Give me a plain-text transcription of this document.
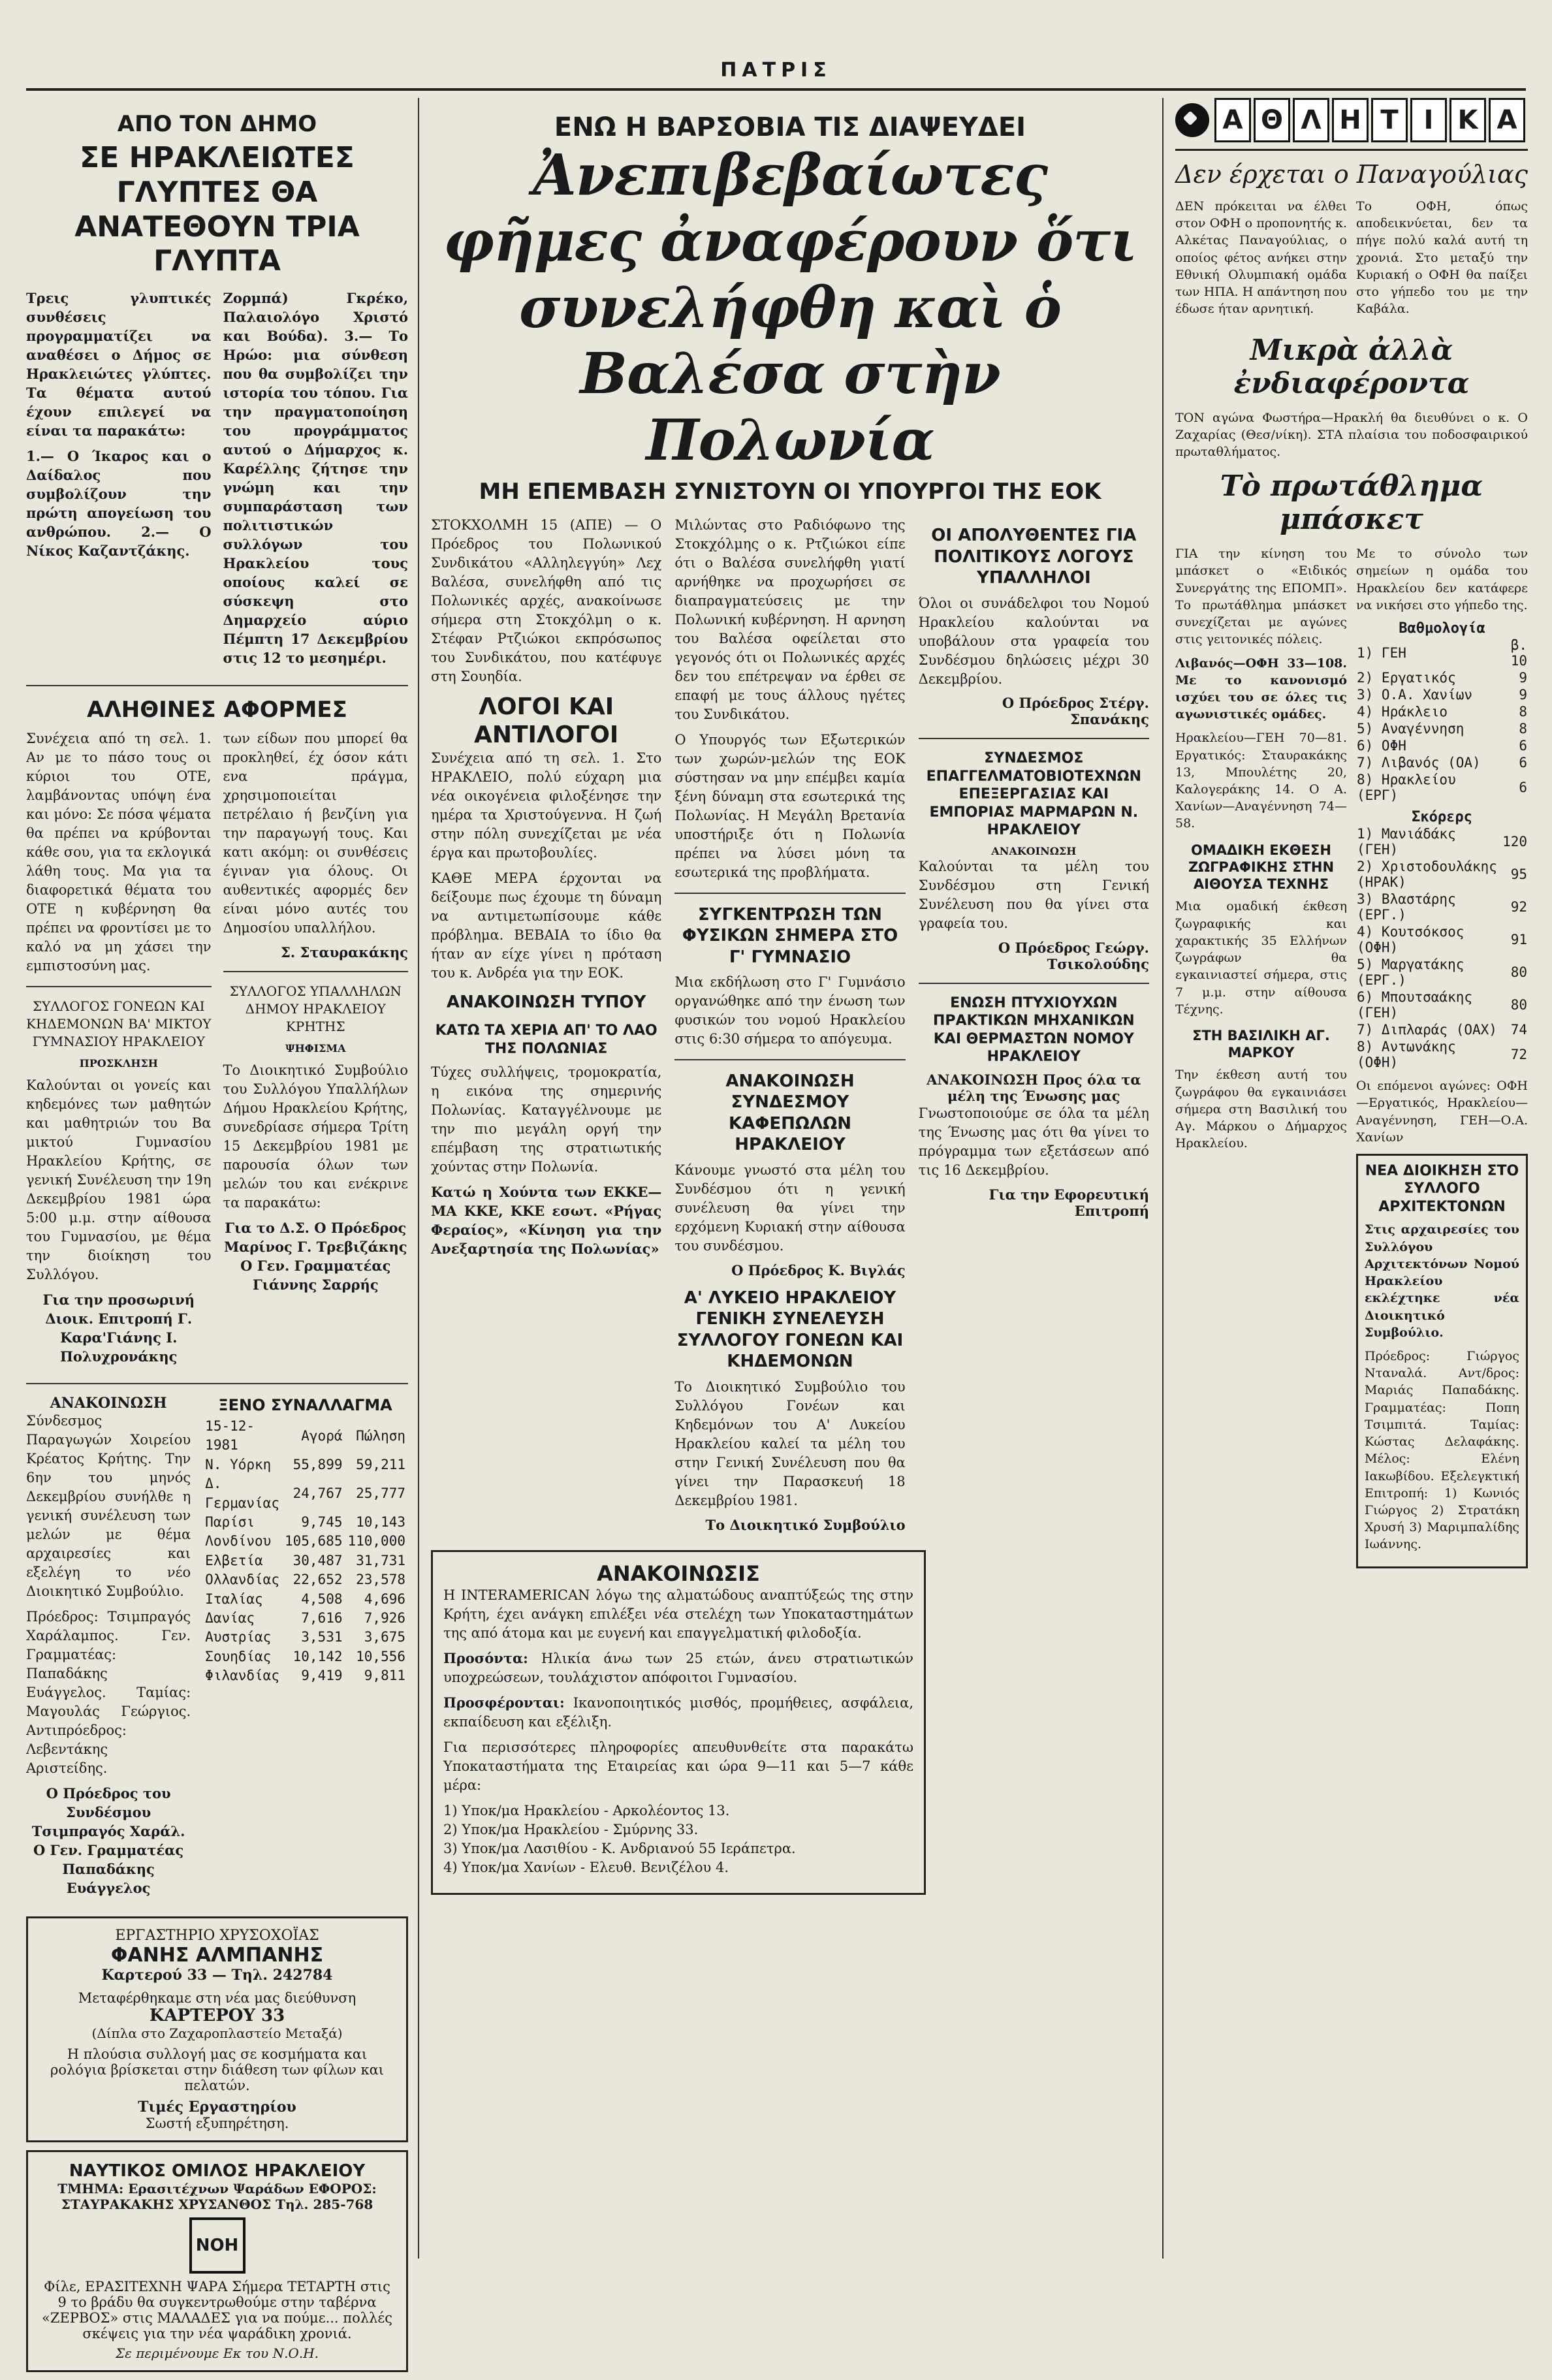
ΠΑΤΡΙΣ
ΑΠΟ ΤΟΝ ΔΗΜΟ
ΣΕ ΗΡΑΚΛΕΙΩΤΕΣ ΓΛΥΠΤΕΣ ΘΑ ΑΝΑΤΕΘΟΥΝ ΤΡΙΑ ΓΛΥΠΤΑ

Τρεις γλυπτικές συνθέσεις προγραμματίζει να αναθέσει ο Δήμος σε Ηρακλειώτες γλύπτες. Τα θέματα αυτού έχουν επιλεγεί να είναι τα παρακάτω:

1.— Ο Ίκαρος και ο Δαίδαλος που συμβολίζουν την πρώτη απογείωση του ανθρώπου. 2.— Ο Νίκος Καζαντζάκης.

Ζορμπά) Γκρέκο, Παλαιολόγο Χριστό και Βούδα). 3.— Το Ηρώο: μια σύνθεση που θα συμβολίζει την ιστορία του τόπου. Για την πραγματοποίηση του προγράμματος αυτού ο Δήμαρχος κ. Καρέλλης ζήτησε την γνώμη και την συμπαράσταση των πολιτιστικών συλλόγων του Ηρακλείου τους οποίους καλεί σε σύσκεψη στο Δημαρχείο αύριο Πέμπτη 17 Δεκεμβρίου στις 12 το μεσημέρι.

ΑΛΗΘΙΝΕΣ ΑΦΟΡΜΕΣ

Συνέχεια από τη σελ. 1. Αν με το πάσο τους οι κύριοι του ΟΤΕ, λαμβάνοντας υπόψη ένα και μόνο: Σε πόσα ψέματα θα πρέπει να κρύβονται κάθε σου, για τα εκλογικά λάθη τους. Μα για τα διαφορετικά θέματα του ΟΤΕ η κυβέρνηση θα πρέπει να φροντίσει με το καλό να μη χάσει την εμπιστοσύνη μας.

ΣΥΛΛΟΓΟΣ ΓΟΝΕΩΝ ΚΑΙ ΚΗΔΕΜΟΝΩΝ ΒΑ' ΜΙΚΤΟΥ ΓΥΜΝΑΣΙΟΥ ΗΡΑΚΛΕΙΟΥ
ΠΡΟΣΚΛΗΣΗ

Καλούνται οι γονείς και κηδεμόνες των μαθητών και μαθητριών του Βα μικτού Γυμνασίου Ηρακλείου Κρήτης, σε γενική Συνέλευση την 19η Δεκεμβρίου 1981 ώρα 5:00 μ.μ. στην αίθουσα του Γυμνασίου, με θέμα την διοίκηση του Συλλόγου.

Για την προσωρινή Διοικ. Επιτροπή Γ. Καρα'Γιάνης Ι. Πολυχρονάκης

των είδων που μπορεί θα προκληθεί, έχ όσον κάτι ενα πράγμα, χρησιμοποιείται πετρέλαιο ή βενζίνη για την παραγωγή τους. Και κατι ακόμη: οι συνθέσεις έγιναν για όλους. Οι αυθεντικές αφορμές δεν είναι μόνο αυτές του Δημοσίου υπαλλήλου.

Σ. Σταυρακάκης
ΣΥΛΛΟΓΟΣ ΥΠΑΛΛΗΛΩΝ ΔΗΜΟΥ ΗΡΑΚΛΕΙΟΥ ΚΡΗΤΗΣ
ΨΗΦΙΣΜΑ

Το Διοικητικό Συμβούλιο του Συλλόγου Υπαλλήλων Δήμου Ηρακλείου Κρήτης, συνεδρίασε σήμερα Τρίτη 15 Δεκεμβρίου 1981 με παρουσία όλων των μελών του και ενέκρινε τα παρακάτω:

Για το Δ.Σ. Ο Πρόεδρος Μαρίνος Γ. Τρεβιζάκης Ο Γεν. Γραμματέας Γιάννης Σαρρής

ΑΝΑΚΟΙΝΩΣΗ

Σύνδεσμος Παραγωγών Χοιρείου Κρέατος Κρήτης. Την 6ην του μηνός Δεκεμβρίου συνήλθε η γενική συνέλευση των μελών με θέμα αρχαιρεσίες και εξελέγη το νέο Διοικητικό Συμβούλιο.

Πρόεδρος: Τσιμπραγός Χαράλαμπος. Γεν. Γραμματέας: Παπαδάκης Ευάγγελος. Ταμίας: Μαγουλάς Γεώργιος. Αντιπρόεδρος: Λεβεντάκης Αριστείδης.

Ο Πρόεδρος του Συνδέσμου Τσιμπραγός Χαράλ. Ο Γεν. Γραμματέας Παπαδάκης Ευάγγελος

ΞΕΝΟ ΣΥΝΑΛΛΑΓΜΑ
15-12-1981	Αγορά	Πώληση
Ν. Υόρκη	55,899	59,211
Δ. Γερμανίας	24,767	25,777
Παρίσι	9,745	10,143
Λονδίνου	105,685	110,000
Ελβετία	30,487	31,731
Ολλανδίας	22,652	23,578
Ιταλίας	4,508	4,696
Δανίας	7,616	7,926
Αυστρίας	3,531	3,675
Σουηδίας	10,142	10,556
Φιλανδίας	9,419	9,811
ΕΡΓΑΣΤΗΡΙΟ ΧΡΥΣΟΧΟΪΑΣ
ΦΑΝΗΣ ΑΛΜΠΑΝΗΣ
Καρτερού 33 — Τηλ. 242784
Μεταφέρθηκαμε στη νέα μας διεύθυνση
ΚΑΡΤΕΡΟΥ 33
(Δίπλα στο Ζαχαροπλαστείο Μεταξά)
Η πλούσια συλλογή μας σε κοσμήματα και ρολόγια βρίσκεται στην διάθεση των φίλων και πελατών.
Τιμές Εργαστηρίου
Σωστή εξυπηρέτηση.
ΝΑΥΤΙΚΟΣ ΟΜΙΛΟΣ ΗΡΑΚΛΕΙΟΥ
ΤΜΗΜΑ: Ερασιτέχνων Ψαράδων ΕΦΟΡΟΣ: ΣΤΑΥΡΑΚΑΚΗΣ ΧΡΥΣΑΝΘΟΣ Τηλ. 285-768
ΝΟΗ
Φίλε, ΕΡΑΣΙΤΕΧΝΗ ΨΑΡΑ Σήμερα ΤΕΤΑΡΤΗ στις 9 το βράδυ θα συγκεντρωθούμε στην ταβέρνα «ΖΕΡΒΟΣ» στις ΜΑΛΑΔΕΣ για να πούμε... πολλές σκέψεις για την νέα ψαράδικη χρονιά.
Σε περιμένουμε Εκ του Ν.Ο.Η.
ΕΝΩ Η ΒΑΡΣΟΒΙΑ ΤΙΣ ΔΙΑΨΕΥΔΕΙ
Ἀνεπιβεβαίωτες φῆμες ἀναφέρουν ὅτι συνελήφθη καὶ ὁ Βαλέσα στὴν Πολωνία
ΜΗ ΕΠΕΜΒΑΣΗ ΣΥΝΙΣΤΟΥΝ ΟΙ ΥΠΟΥΡΓΟΙ ΤΗΣ ΕΟΚ

ΣΤΟΚΧΟΛΜΗ 15 (ΑΠΕ) — Ο Πρόεδρος του Πολωνικού Συνδικάτου «Αλληλεγγύη» Λεχ Βαλέσα, συνελήφθη από τις Πολωνικές αρχές, ανακοίνωσε σήμερα στη Στοκχόλμη ο κ. Στέφαν Ρτζιώκοι εκπρόσωπος του Συνδικάτου, που κατέφυγε στη Σουηδία.

ΛΟΓΟΙ ΚΑΙ ΑΝΤΙΛΟΓΟΙ

Συνέχεια από τη σελ. 1. Στο ΗΡΑΚΛΕΙΟ, πολύ εύχαρη μια νέα οικογένεια φιλοξένησε την ημέρα τα Χριστούγεννα. Η ζωή στην πόλη συνεχίζεται με νέα έργα και πρωτοβουλίες.

ΚΑΘΕ ΜΕΡΑ έρχονται να δείξουμε πως έχουμε τη δύναμη να αντιμετωπίσουμε κάθε πρόβλημα. ΒΕΒΑΙΑ το ίδιο θα ήταν αν είχε γίνει η πρόταση του κ. Ανδρέα για την ΕΟΚ.

ΑΝΑΚΟΙΝΩΣΗ ΤΥΠΟΥ
ΚΑΤΩ ΤΑ ΧΕΡΙΑ ΑΠ' ΤΟ ΛΑΟ ΤΗΣ ΠΟΛΩΝΙΑΣ

Τύχες συλλήψεις, τρομοκρατία, η εικόνα της σημερινής Πολωνίας. Καταγγέλνουμε με την πιο μεγάλη οργή την επέμβαση της στρατιωτικής χούντας στην Πολωνία.

Κατώ η Χούντα των ΕΚΚΕ—ΜΑ ΚΚΕ, ΚΚΕ εσωτ. «Ρήγας Φεραίος», «Κίνηση για την Ανεξαρτησία της Πολωνίας»

Μιλώντας στο Ραδιόφωνο της Στοκχόλμης ο κ. Ρτζιώκοι είπε ότι ο Βαλέσα συνελήφθη γιατί αρνήθηκε να προχωρήσει σε διαπραγματεύσεις με την Πολωνική κυβέρνηση. Η αρνηση του Βαλέσα οφείλεται στο γεγονός ότι οι Πολωνικές αρχές δεν του επέτρεψαν να έρθει σε επαφή με τους άλλους ηγέτες του Συνδικάτου.

Ο Υπουργός των Εξωτερικών των χωρών-μελών της ΕΟΚ σύστησαν να μην επέμβει καμία ξένη δύναμη στα εσωτερικά της Πολωνίας. Η Μεγάλη Βρετανία υποστήριξε ότι η Πολωνία πρέπει να λύσει μόνη τα εσωτερικά της προβλήματα.

ΣΥΓΚΕΝΤΡΩΣΗ ΤΩΝ ΦΥΣΙΚΩΝ ΣΗΜΕΡΑ ΣΤΟ Γ' ΓΥΜΝΑΣΙΟ

Μια εκδήλωση στο Γ' Γυμνάσιο οργανώθηκε από την ένωση των φυσικών του νομού Ηρακλείου στις 6:30 σήμερα το απόγευμα.

ΑΝΑΚΟΙΝΩΣΗ ΣΥΝΔΕΣΜΟΥ ΚΑΦΕΠΩΛΩΝ ΗΡΑΚΛΕΙΟΥ

Κάνουμε γνωστό στα μέλη του Συνδέσμου ότι η γενική συνέλευση θα γίνει την ερχόμενη Κυριακή στην αίθουσα του συνδέσμου.

Ο Πρόεδρος Κ. Βιγλάς
Α' ΛΥΚΕΙΟ ΗΡΑΚΛΕΙΟΥ ΓΕΝΙΚΗ ΣΥΝΕΛΕΥΣΗ ΣΥΛΛΟΓΟΥ ΓΟΝΕΩΝ ΚΑΙ ΚΗΔΕΜΟΝΩΝ

Το Διοικητικό Συμβούλιο του Συλλόγου Γονέων και Κηδεμόνων του Α' Λυκείου Ηρακλείου καλεί τα μέλη του στην Γενική Συνέλευση που θα γίνει την Παρασκευή 18 Δεκεμβρίου 1981.

Το Διοικητικό Συμβούλιο
ΟΙ ΑΠΟΛΥΘΕΝΤΕΣ ΓΙΑ ΠΟΛΙΤΙΚΟΥΣ ΛΟΓΟΥΣ ΥΠΑΛΛΗΛΟΙ

Όλοι οι συνάδελφοι του Νομού Ηρακλείου καλούνται να υποβάλουν στα γραφεία του Συνδέσμου δηλώσεις μέχρι 30 Δεκεμβρίου.

Ο Πρόεδρος Στέργ. Σπανάκης
ΣΥΝΔΕΣΜΟΣ ΕΠΑΓΓΕΛΜΑΤΟΒΙΟΤΕΧΝΩΝ ΕΠΕΞΕΡΓΑΣΙΑΣ ΚΑΙ ΕΜΠΟΡΙΑΣ ΜΑΡΜΑΡΩΝ Ν. ΗΡΑΚΛΕΙΟΥ
ΑΝΑΚΟΙΝΩΣΗ

Καλούνται τα μέλη του Συνδέσμου στη Γενική Συνέλευση που θα γίνει στα γραφεία του.

Ο Πρόεδρος Γεώργ. Τσικολούδης
ΕΝΩΣΗ ΠΤΥΧΙΟΥΧΩΝ ΠΡΑΚΤΙΚΩΝ ΜΗΧΑΝΙΚΩΝ ΚΑΙ ΘΕΡΜΑΣΤΩΝ ΝΟΜΟΥ ΗΡΑΚΛΕΙΟΥ
ΑΝΑΚΟΙΝΩΣΗ Προς όλα τα μέλη της Ένωσης μας

Γνωστοποιούμε σε όλα τα μέλη της Ένωσης μας ότι θα γίνει το πρόγραμμα των εξετάσεων από τις 16 Δεκεμβρίου.

Για την Εφορευτική Επιτροπή
ΑΝΑΚΟΙΝΩΣΙΣ

Η INTERAMERICAN λόγω της αλματώδους αναπτύξεώς της στην Κρήτη, έχει ανάγκη επιλέξει νέα στελέχη των Υποκαταστημάτων της από άτομα και με ευγενή και επαγγελματική φιλοδοξία.

Προσόντα: Ηλικία άνω των 25 ετών, άνευ στρατιωτικών υποχρεώσεων, τουλάχιστον απόφοιτοι Γυμνασίου.

Προσφέρονται: Ικανοποιητικός μισθός, προμήθειες, ασφάλεια, εκπαίδευση και εξέλιξη.

Για περισσότερες πληροφορίες απευθυνθείτε στα παρακάτω Υποκαταστήματα της Εταιρείας και ώρα 9—11 και 5—7 κάθε μέρα:

1) Υποκ/μα Ηρακλείου - Αρκολέοντος 13.
2) Υποκ/μα Ηρακλείου - Σμύρνης 33.
3) Υποκ/μα Λασιθίου - Κ. Ανδριανού 55 Ιεράπετρα.
4) Υποκ/μα Χανίων - Ελευθ. Βενιζέλου 4.
Α Θ Λ Η Τ Ι Κ Α
Δεν έρχεται ο Παναγούλιας

ΔΕΝ πρόκειται να έλθει στον ΟΦΗ ο προπονητής κ. Αλκέτας Παναγούλιας, ο οποίος φέτος ανήκει στην Εθνική Ολυμπιακή ομάδα των ΗΠΑ. Η απάντηση που έδωσε ήταν αρνητική.

Το ΟΦΗ, όπως αποδεικνύεται, δεν τα πήγε πολύ καλά αυτή τη χρονιά. Στο μεταξύ την Κυριακή ο ΟΦΗ θα παίξει στο γήπεδο του με την Καβάλα.

Μικρὰ ἀλλὰ ἐνδιαφέροντα

ΤΟΝ αγώνα Φωστήρα—Ηρακλή θα διευθύνει ο κ. Ο Ζαχαρίας (Θεσ/νίκη). ΣΤΑ πλαίσια του ποδοσφαιρικού πρωταθλήματος.

Τὸ πρωτάθλημα μπάσκετ

ΓΙΑ την κίνηση του μπάσκετ ο «Ειδικός Συνεργάτης της ΕΠΟΜΠ». Το πρωτάθλημα μπάσκετ συνεχίζεται με αγώνες στις γειτονικές πόλεις.

Λιβανός—ΟΦΗ 33—108. Με το κανονισμό ισχύει του σε όλες τις αγωνιστικές ομάδες.

Ηρακλείου—ΓΕΗ 70—81. Εργατικός: Σταυρακάκης 13, Μπουλέτης 20, Καλογεράκης 14. Ο Α. Χανίων—Αναγέννηση 74—58.

ΟΜΑΔΙΚΗ ΕΚΘΕΣΗ ΖΩΓΡΑΦΙΚΗΣ ΣΤΗΝ ΑΙΘΟΥΣΑ ΤΕΧΝΗΣ

Μια ομαδική έκθεση ζωγραφικής και χαρακτικής 35 Ελλήνων ζωγράφων θα εγκαινιαστεί σήμερα, στις 7 μ.μ. στην αίθουσα Τέχνης.

ΣΤΗ ΒΑΣΙΛΙΚΗ ΑΓ. ΜΑΡΚΟΥ

Την έκθεση αυτή του ζωγράφου θα εγκαινιάσει σήμερα στη Βασιλική του Αγ. Μάρκου ο Δήμαρχος Ηρακλείου.

Με το σύνολο των σημείων η ομάδα του Ηρακλείου δεν κατάφερε να νικήσει στο γήπεδο της.

Βαθμολογία
1) ΓΕΗ	β. 10
2) Εργατικός	9
3) Ο.Α. Χανίων	9
4) Ηράκλειο	8
5) Αναγέννηση	8
6) ΟΦΗ	6
7) Λιβανός (ΟΑ)	6
8) Ηρακλείου (ΕΡΓ)	6
Σκόρερς
1) Μανιάδάκς (ΓΕΗ)	120
2) Χριστοδουλάκης (ΗΡΑΚ)	95
3) Βλαστάρης (ΕΡΓ.)	92
4) Κουτσόκσος (ΟΦΗ)	91
5) Μαργατάκης (ΕΡΓ.)	80
6) Μπουτσαάκης (ΓΕΗ)	80
7) Διπλαράς (ΟΑΧ)	74
8) Αντωνάκης (ΟΦΗ)	72

Οι επόμενοι αγώνες: ΟΦΗ—Εργατικός, Ηρακλείου—Αναγέννηση, ΓΕΗ—Ο.Α. Χανίων

ΝΕΑ ΔΙΟΙΚΗΣΗ ΣΤΟ ΣΥΛΛΟΓΟ ΑΡΧΙΤΕΚΤΟΝΩΝ

Στις αρχαιρεσίες του Συλλόγου Αρχιτεκτόνων Νομού Ηρακλείου εκλέχτηκε νέα Διοικητικό Συμβούλιο.

Πρόεδρος: Γιώργος Νταναλά. Αντ/δρος: Μαριάς Παπαδάκης. Γραμματέας: Ποπη Τσιμπιτά. Ταμίας: Κώστας Δελαφάκης. Μέλος: Ελένη Ιακωβίδου. Εξελεγκτική Επιτροπή: 1) Κωνιός Γιώργος 2) Στρατάκη Χρυσή 3) Μαριμπαλίδης Ιωάννης.
